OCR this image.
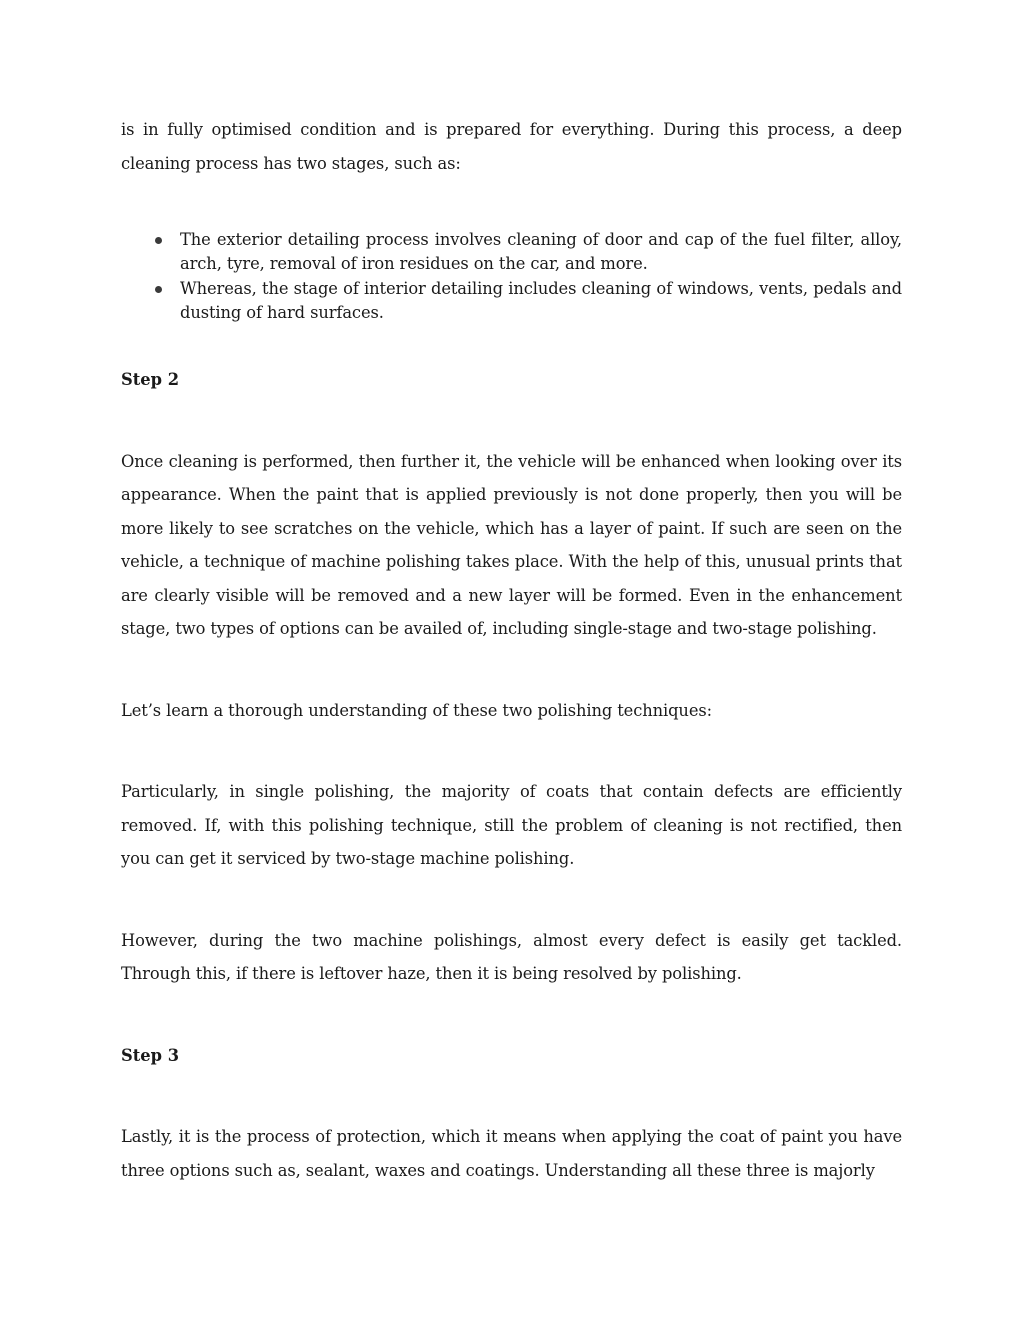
is in fully optimised condition and is prepared for everything. During this process, a deep cleaning process has two stages, such as:

The exterior detailing process involves cleaning of door and cap of the fuel filter, alloy, arch, tyre, removal of iron residues on the car, and more.
Whereas, the stage of interior detailing includes cleaning of windows, vents, pedals and dusting of hard surfaces.

Step 2

Once cleaning is performed, then further it, the vehicle will be enhanced when looking over its appearance. When the paint that is applied previously is not done properly, then you will be more likely to see scratches on the vehicle, which has a layer of paint. If such are seen on the vehicle, a technique of machine polishing takes place. With the help of this, unusual prints that are clearly visible will be removed and a new layer will be formed. Even in the enhancement stage, two types of options can be availed of, including single-stage and two-stage polishing.

Let’s learn a thorough understanding of these two polishing techniques:

Particularly, in single polishing, the majority of coats that contain defects are efficiently removed. If, with this polishing technique, still the problem of cleaning is not rectified, then you can get it serviced by two-stage machine polishing.

However, during the two machine polishings, almost every defect is easily get tackled. Through this, if there is leftover haze, then it is being resolved by polishing.

Step 3

Lastly, it is the process of protection, which it means when applying the coat of paint you have three options such as, sealant, waxes and coatings. Understanding all these three is majorly
